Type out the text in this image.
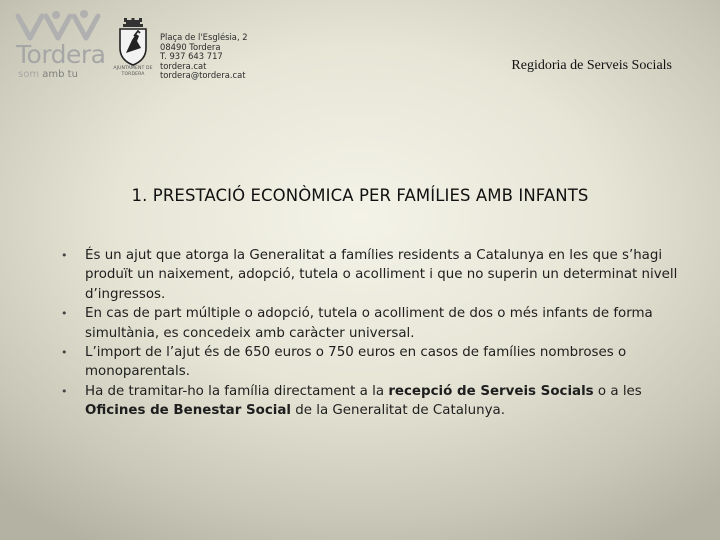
Tordera
som amb tu
AJUNTAMENT DE TORDERA
Plaça de l'Església, 2
08490 Tordera
T. 937 643 717
tordera.cat
tordera@tordera.cat
Regidoria de Serveis Socials
1. PRESTACIÓ ECONÒMICA PER FAMÍLIES AMB INFANTS
• És un ajut que atorga la Generalitat a famílies residents a Catalunya en les que s’hagi produït un naixement, adopció, tutela o acolliment i que no superin un determinat nivell d’ingressos.
• En cas de part múltiple o adopció, tutela o acolliment de dos o més infants de forma simultània, es concedeix amb caràcter universal.
• L’import de l’ajut és de 650 euros o 750 euros en casos de famílies nombroses o monoparentals.
• Ha de tramitar-ho la família directament a la recepció de Serveis Socials o a les Oficines de Benestar Social de la Generalitat de Catalunya.
